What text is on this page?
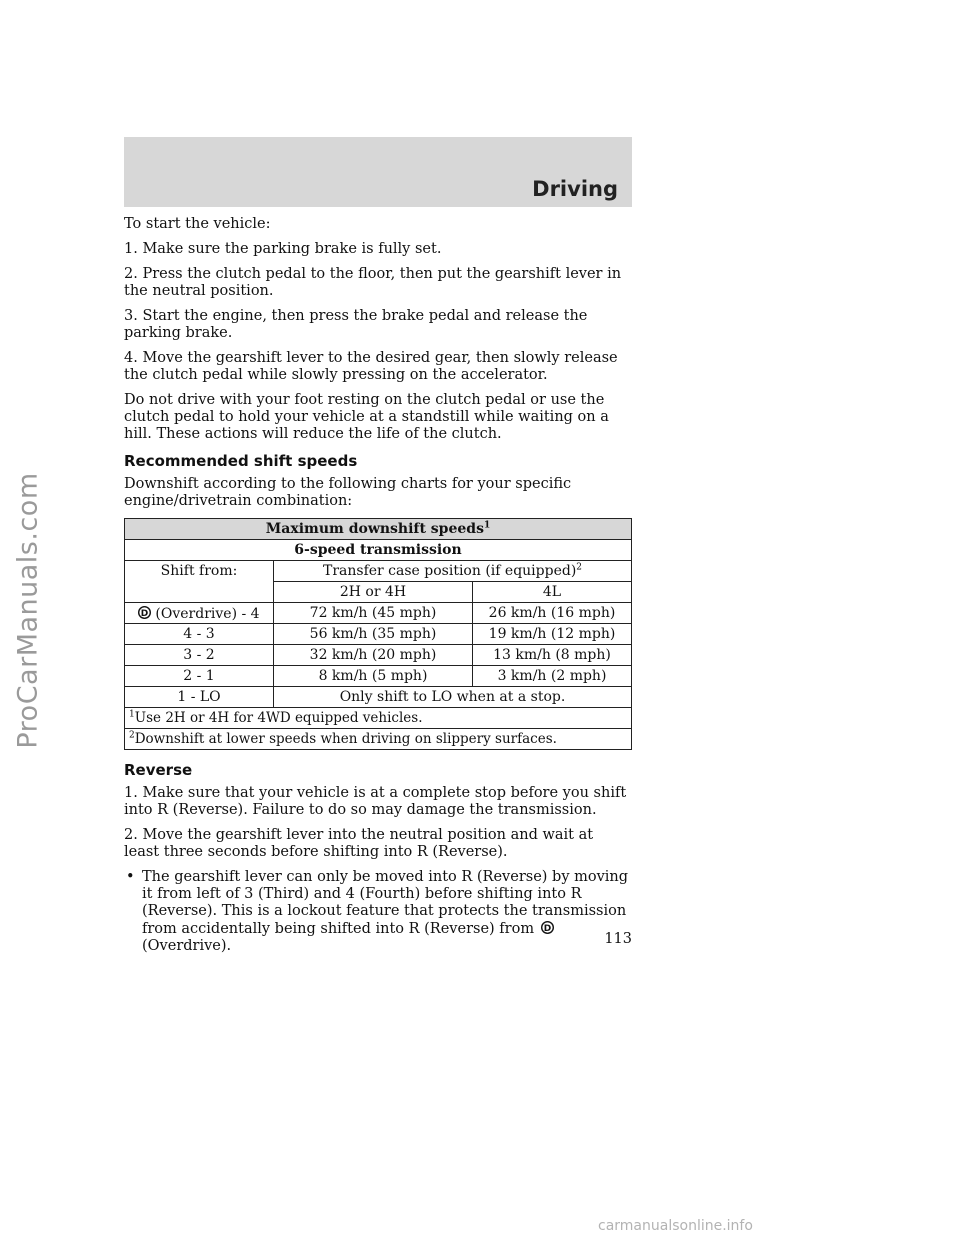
ProCarManuals.com
Driving

To start the vehicle:

1. Make sure the parking brake is fully set.

2. Press the clutch pedal to the floor, then put the gearshift lever in the neutral position.

3. Start the engine, then press the brake pedal and release the parking brake.

4. Move the gearshift lever to the desired gear, then slowly release the clutch pedal while slowly pressing on the accelerator.

Do not drive with your foot resting on the clutch pedal or use the clutch pedal to hold your vehicle at a standstill while waiting on a hill. These actions will reduce the life of the clutch.

Recommended shift speeds

Downshift according to the following charts for your specific engine/drivetrain combination:

Maximum downshift speeds$^1$
6-speed transmission		
Shift from:	Transfer case position (if equipped)$^2$
	2H or 4H	4L

D (Overdrive) - 4	72 km/h (45 mph)	26 km/h (16 mph)
4 - 3	56 km/h (35 mph)	19 km/h (12 mph)
3 - 2	32 km/h (20 mph)	13 km/h (8 mph)
2 - 1	8 km/h (5 mph)	3 km/h (2 mph)
1 - LO	Only shift to LO when at a stop.	
$^1$Use 2H or 4H for 4WD equipped vehicles.		
$^2$Downshift at lower speeds when driving on slippery surfaces.		
Reverse

1. Make sure that your vehicle is at a complete stop before you shift into R (Reverse). Failure to do so may damage the transmission.

2. Move the gearshift lever into the neutral position and wait at least three seconds before shifting into R (Reverse).

• The gearshift lever can only be moved into R (Reverse) by moving it from left of 3 (Third) and 4 (Fourth) before shifting into R (Reverse). This is a lockout feature that protects the transmission from accidentally being shifted into R (Reverse) from D
(Overdrive).	113
carmanualsonline.info
